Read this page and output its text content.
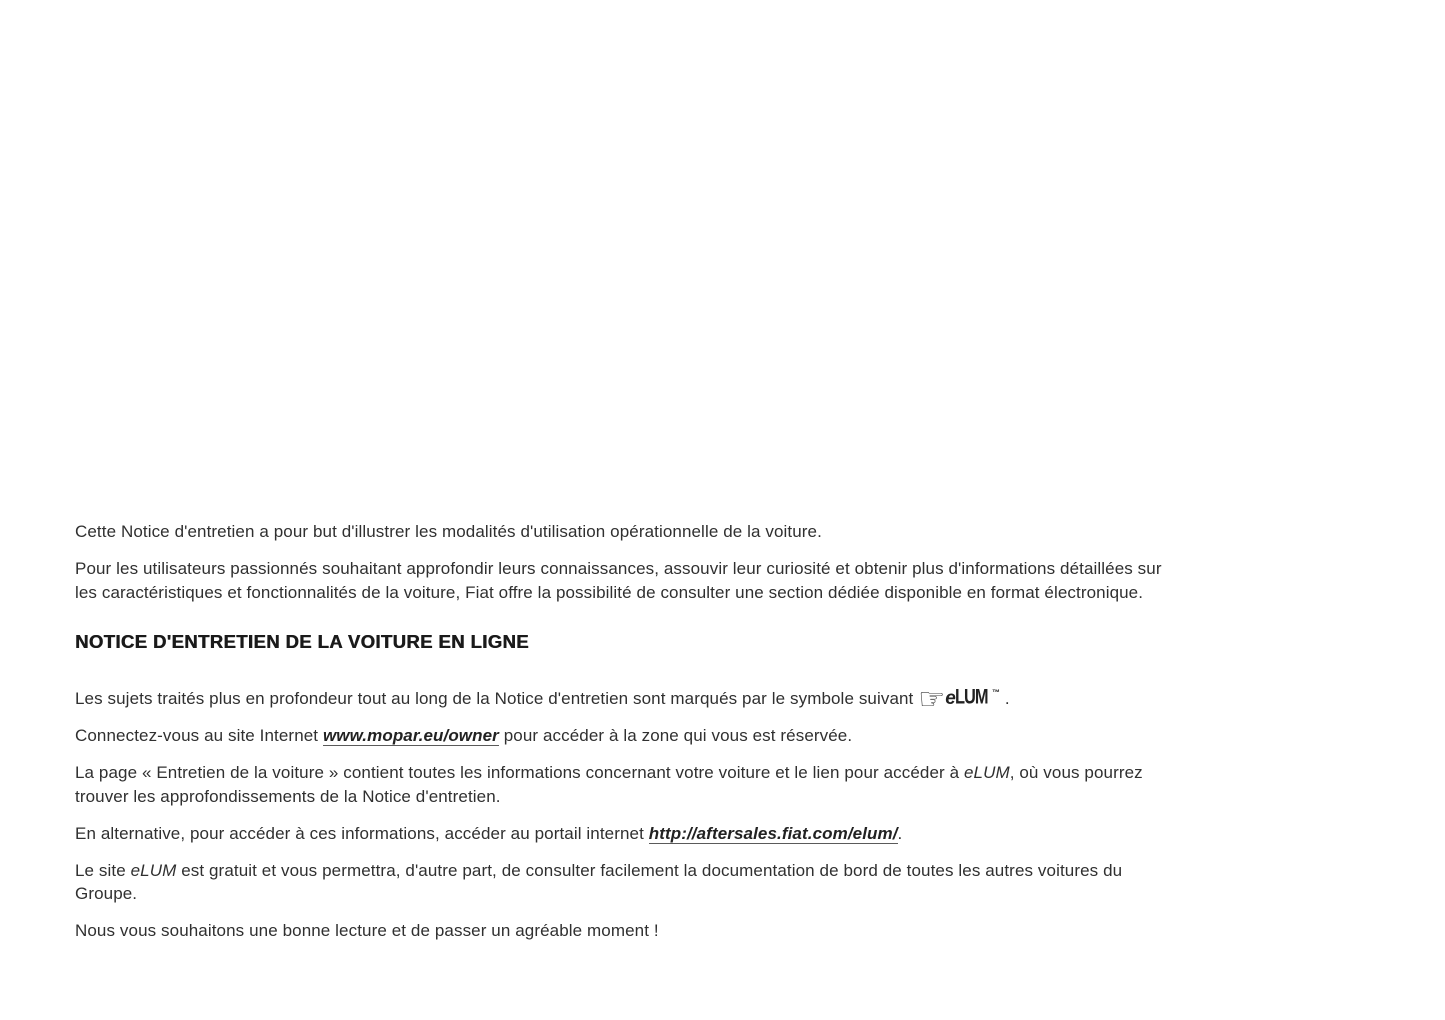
Cette Notice d'entretien a pour but d'illustrer les modalités d'utilisation opérationnelle de la voiture.

Pour les utilisateurs passionnés souhaitant approfondir leurs connaissances, assouvir leur curiosité et obtenir plus d'informations détaillées sur les caractéristiques et fonctionnalités de la voiture, Fiat offre la possibilité de consulter une section dédiée disponible en format électronique.

NOTICE D'ENTRETIEN DE LA VOITURE EN LIGNE

Les sujets traités plus en profondeur tout au long de la Notice d'entretien sont marqués par le symbole suivant ☞eLUM ™ .

Connectez-vous au site Internet www.mopar.eu/owner pour accéder à la zone qui vous est réservée.

La page « Entretien de la voiture » contient toutes les informations concernant votre voiture et le lien pour accéder à eLUM, où vous pourrez trouver les approfondissements de la Notice d'entretien.

En alternative, pour accéder à ces informations, accéder au portail internet http://aftersales.fiat.com/elum/.

Le site eLUM est gratuit et vous permettra, d'autre part, de consulter facilement la documentation de bord de toutes les autres voitures du Groupe.

Nous vous souhaitons une bonne lecture et de passer un agréable moment !
